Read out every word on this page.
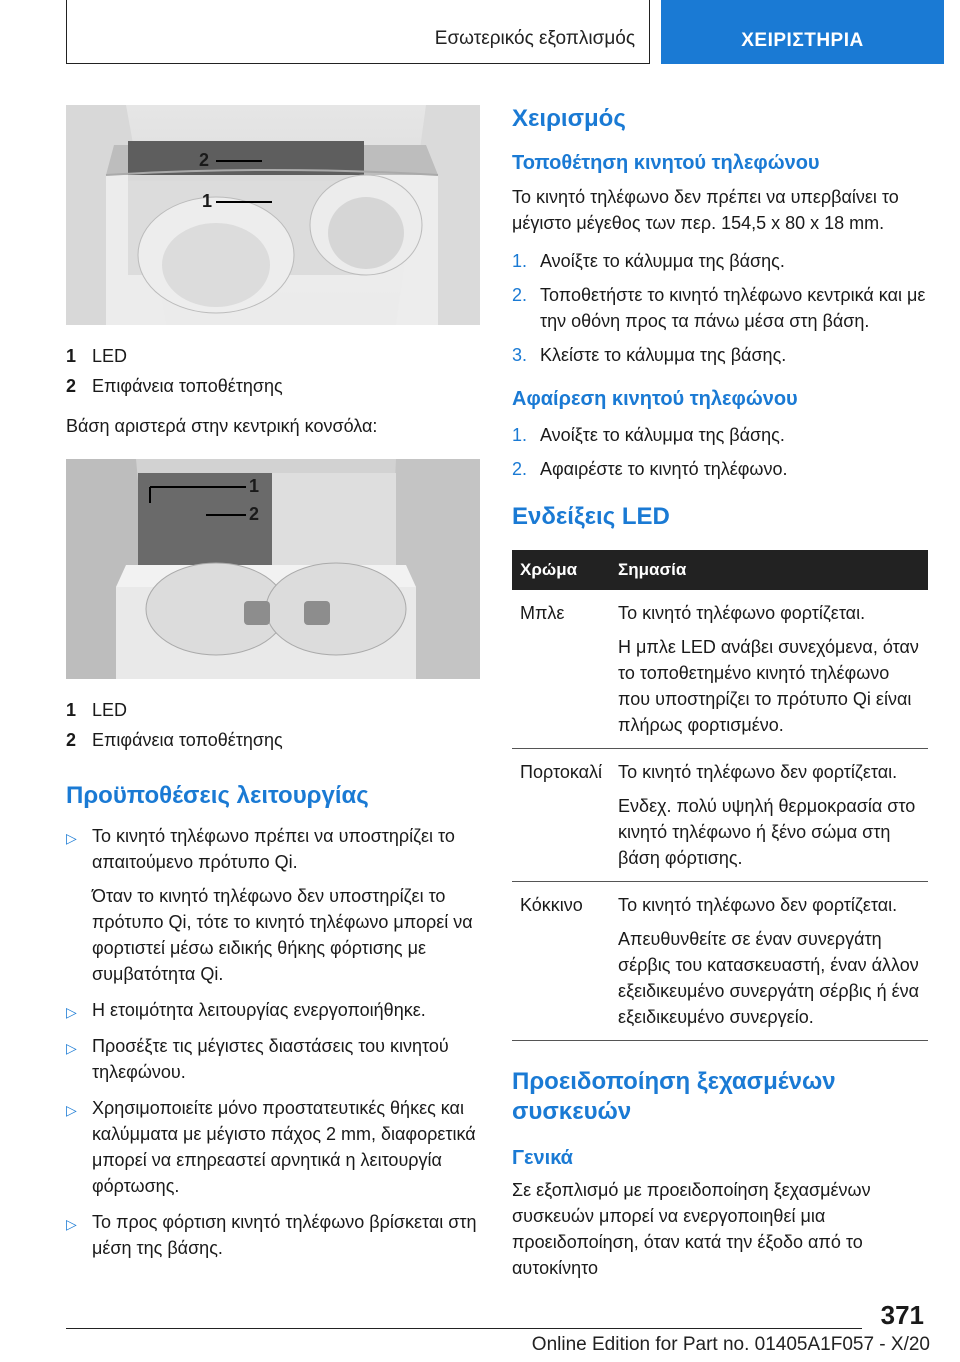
Εσωτερικός εξοπλισμός	ΧΕΙΡΙΣΤΗΡΙΑ
2
1
1 LED
2 Επιφάνεια τοποθέτησης

Βάση αριστερά στην κεντρική κονσόλα:

1
2
1 LED
2 Επιφάνεια τοποθέτησης
Προϋποθέσεις λειτουργίας
▷ Το κινητό τηλέφωνο πρέπει να υποστηρίζει το απαιτούμενο πρότυπο Qi.
Όταν το κινητό τηλέφωνο δεν υποστηρίζει το πρότυπο Qi, τότε το κινητό τηλέφωνο μπορεί να φορτιστεί μέσω ειδικής θήκης φόρτισης με συμβατότητα Qi.
▷ Η ετοιμότητα λειτουργίας ενεργοποιήθηκε.
▷ Προσέξτε τις μέγιστες διαστάσεις του κινητού τηλεφώνου.
▷ Χρησιμοποιείτε μόνο προστατευτικές θήκες και καλύμματα με μέγιστο πάχος 2 mm, διαφορετικά μπορεί να επηρεαστεί αρνητικά η λειτουργία φόρτωσης.
▷ Το προς φόρτιση κινητό τηλέφωνο βρίσκεται στη μέση της βάσης.
Χειρισμός
Τοποθέτηση κινητού τηλεφώνου

Το κινητό τηλέφωνο δεν πρέπει να υπερβαίνει το μέγιστο μέγεθος των περ. 154,5 x 80 x 18 mm.

1. Ανοίξτε το κάλυμμα της βάσης.
2. Τοποθετήστε το κινητό τηλέφωνο κεντρικά και με την οθόνη προς τα πάνω μέσα στη βάση.
3. Κλείστε το κάλυμμα της βάσης.
Αφαίρεση κινητού τηλεφώνου
1. Ανοίξτε το κάλυμμα της βάσης.
2. Αφαιρέστε το κινητό τηλέφωνο.
Ενδείξεις LED
Χρώμα	Σημασία
Μπλε	Το κινητό τηλέφωνο φορτίζεται.

Η μπλε LED ανάβει συνεχόμενα, όταν το τοποθετημένο κινητό τηλέφωνο που υποστηρίζει το πρότυπο Qi είναι πλήρως φορτισμένο.

Πορτοκαλί	Το κινητό τηλέφωνο δεν φορτίζεται.

Ενδεχ. πολύ υψηλή θερμοκρασία στο κινητό τηλέφωνο ή ξένο σώμα στη βάση φόρτισης.

Κόκκινο	Το κινητό τηλέφωνο δεν φορτίζεται.

Απευθυνθείτε σε έναν συνεργάτη σέρβις του κατασκευαστή, έναν άλλον εξειδικευμένο συνεργάτη σέρβις ή ένα εξειδικευμένο συνεργείο.

Προειδοποίηση ξεχασμένων συσκευών
Γενικά

Σε εξοπλισμό με προειδοποίηση ξεχασμένων συσκευών μπορεί να ενεργοποιηθεί μια προειδοποίηση, όταν κατά την έξοδο από το αυτοκίνητο

371
Online Edition for Part no. 01405A1F057 - X/20
